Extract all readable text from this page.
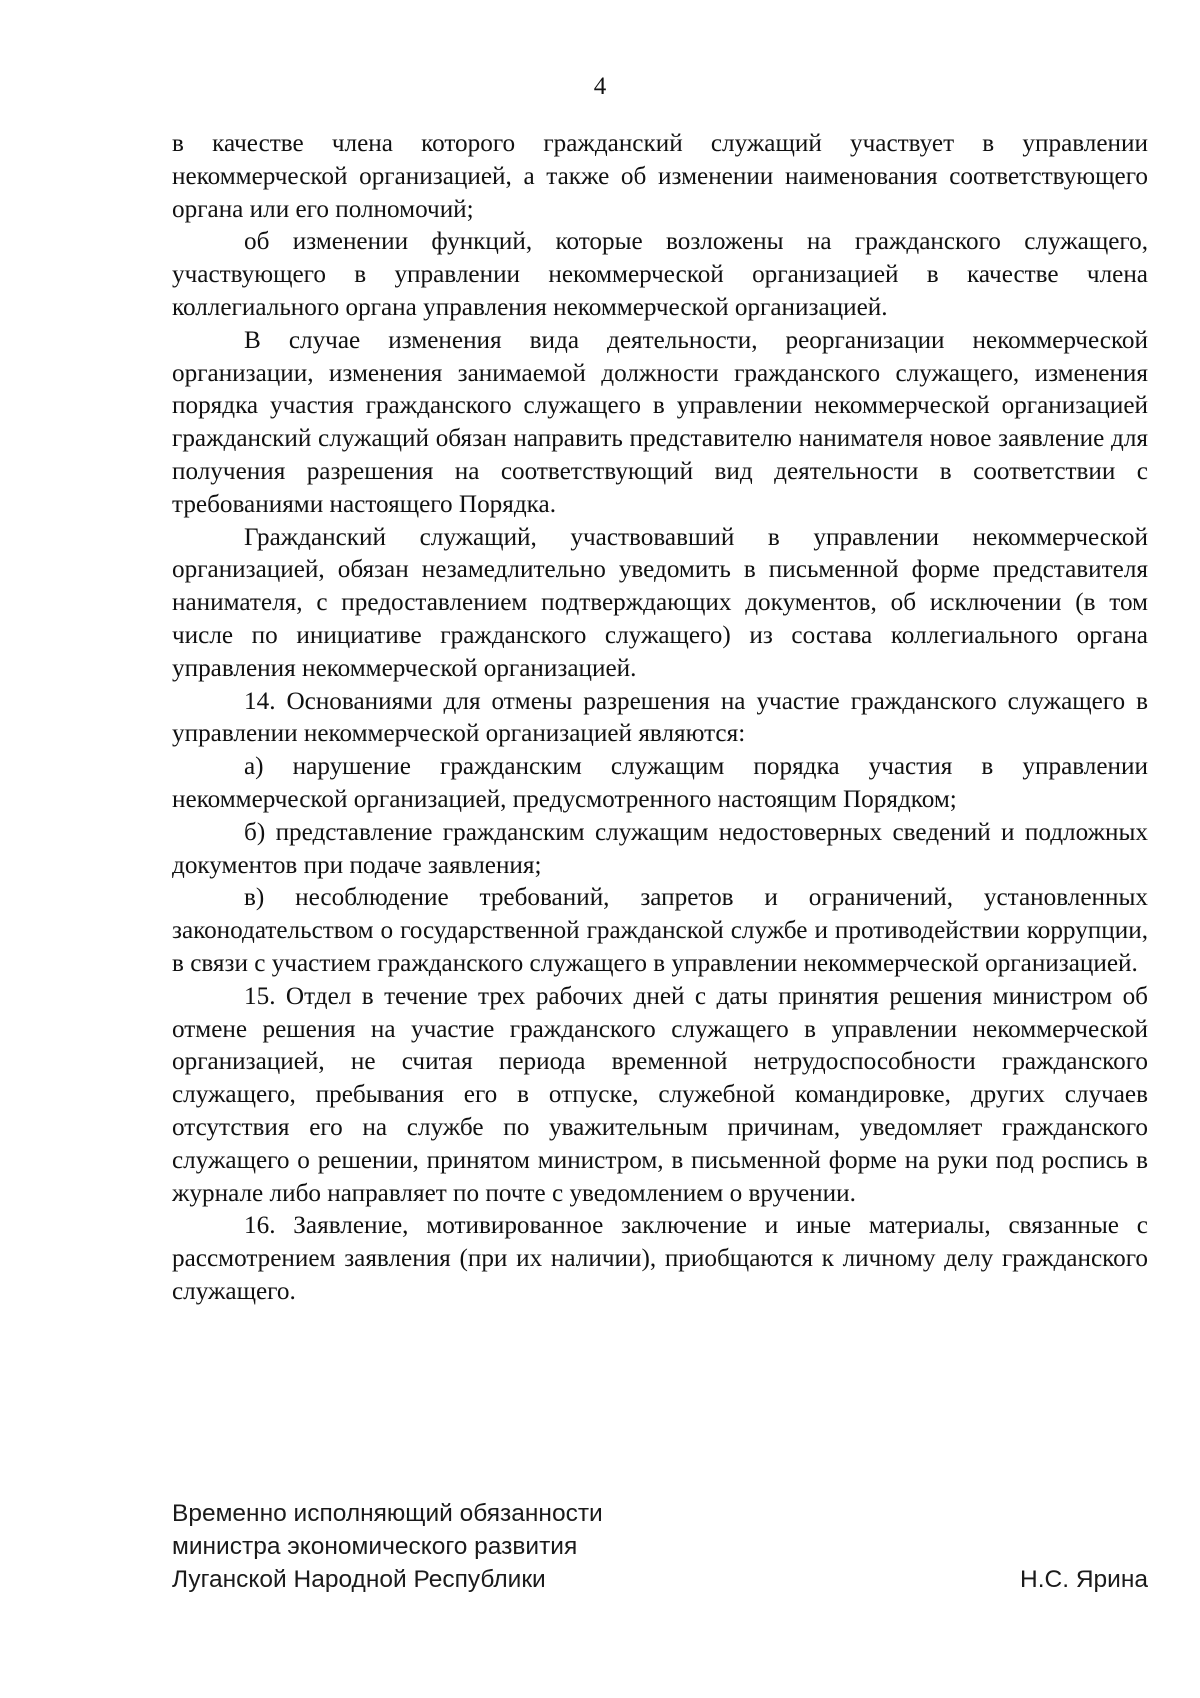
4

в качестве члена которого гражданский служащий участвует в управлении некоммерческой организацией, а также об изменении наименования соответствующего органа или его полномочий;

об изменении функций, которые возложены на гражданского служащего, участвующего в управлении некоммерческой организацией в качестве члена коллегиального органа управления некоммерческой организацией.

В случае изменения вида деятельности, реорганизации некоммерческой организации, изменения занимаемой должности гражданского служащего, изменения порядка участия гражданского служащего в управлении некоммерческой организацией гражданский служащий обязан направить представителю нанимателя новое заявление для получения разрешения на соответствующий вид деятельности в соответствии с требованиями настоящего Порядка.

Гражданский служащий, участвовавший в управлении некоммерческой организацией, обязан незамедлительно уведомить в письменной форме представителя нанимателя, с предоставлением подтверждающих документов, об исключении (в том числе по инициативе гражданского служащего) из состава коллегиального органа управления некоммерческой организацией.

14. Основаниями для отмены разрешения на участие гражданского служащего в управлении некоммерческой организацией являются:

а) нарушение гражданским служащим порядка участия в управлении некоммерческой организацией, предусмотренного настоящим Порядком;

б) представление гражданским служащим недостоверных сведений и подложных документов при подаче заявления;

в) несоблюдение требований, запретов и ограничений, установленных законодательством о государственной гражданской службе и противодействии коррупции, в связи с участием гражданского служащего в управлении некоммерческой организацией.

15. Отдел в течение трех рабочих дней с даты принятия решения министром об отмене решения на участие гражданского служащего в управлении некоммерческой организацией, не считая периода временной нетрудоспособности гражданского служащего, пребывания его в отпуске, служебной командировке, других случаев отсутствия его на службе по уважительным причинам, уведомляет гражданского служащего о решении, принятом министром, в письменной форме на руки под роспись в журнале либо направляет по почте с уведомлением о вручении.

16. Заявление, мотивированное заключение и иные материалы, связанные с рассмотрением заявления (при их наличии), приобщаются к личному делу гражданского служащего.

Временно исполняющий обязанности
министра экономического развития
Луганской Народной Республики	Н.С. Ярина
